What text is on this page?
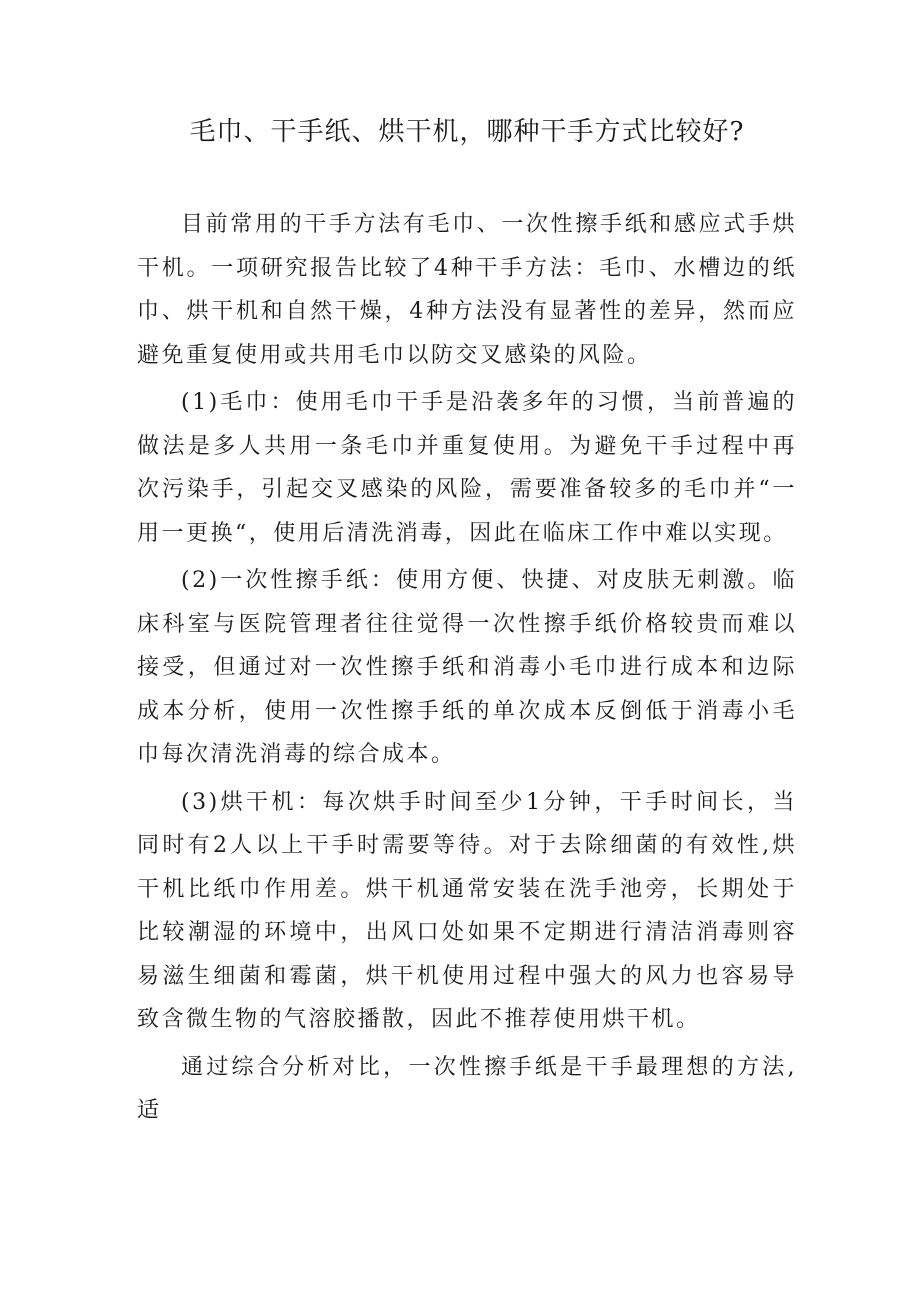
毛巾、干手纸、烘干机，哪种干手方式比较好?

目前常用的干手方法有毛巾、一次性擦手纸和感应式手烘干机。一项研究报告比较了4种干手方法：毛巾、水槽边的纸巾、烘干机和自然干燥，4种方法没有显著性的差异，然而应避免重复使用或共用毛巾以防交叉感染的风险。

(1)毛巾：使用毛巾干手是沿袭多年的习惯，当前普遍的做法是多人共用一条毛巾并重复使用。为避免干手过程中再次污染手，引起交叉感染的风险，需要准备较多的毛巾并“一用一更换“，使用后清洗消毒，因此在临床工作中难以实现。

(2)一次性擦手纸：使用方便、快捷、对皮肤无刺激。临床科室与医院管理者往往觉得一次性擦手纸价格较贵而难以接受，但通过对一次性擦手纸和消毒小毛巾进行成本和边际成本分析，使用一次性擦手纸的单次成本反倒低于消毒小毛巾每次清洗消毒的综合成本。

(3)烘干机：每次烘手时间至少1分钟，干手时间长，当同时有2人以上干手时需要等待。对于去除细菌的有效性,烘干机比纸巾作用差。烘干机通常安装在洗手池旁，长期处于比较潮湿的环境中，出风口处如果不定期进行清洁消毒则容易滋生细菌和霉菌，烘干机使用过程中强大的风力也容易导致含微生物的气溶胶播散，因此不推荐使用烘干机。

通过综合分析对比，一次性擦手纸是干手最理想的方法,适
